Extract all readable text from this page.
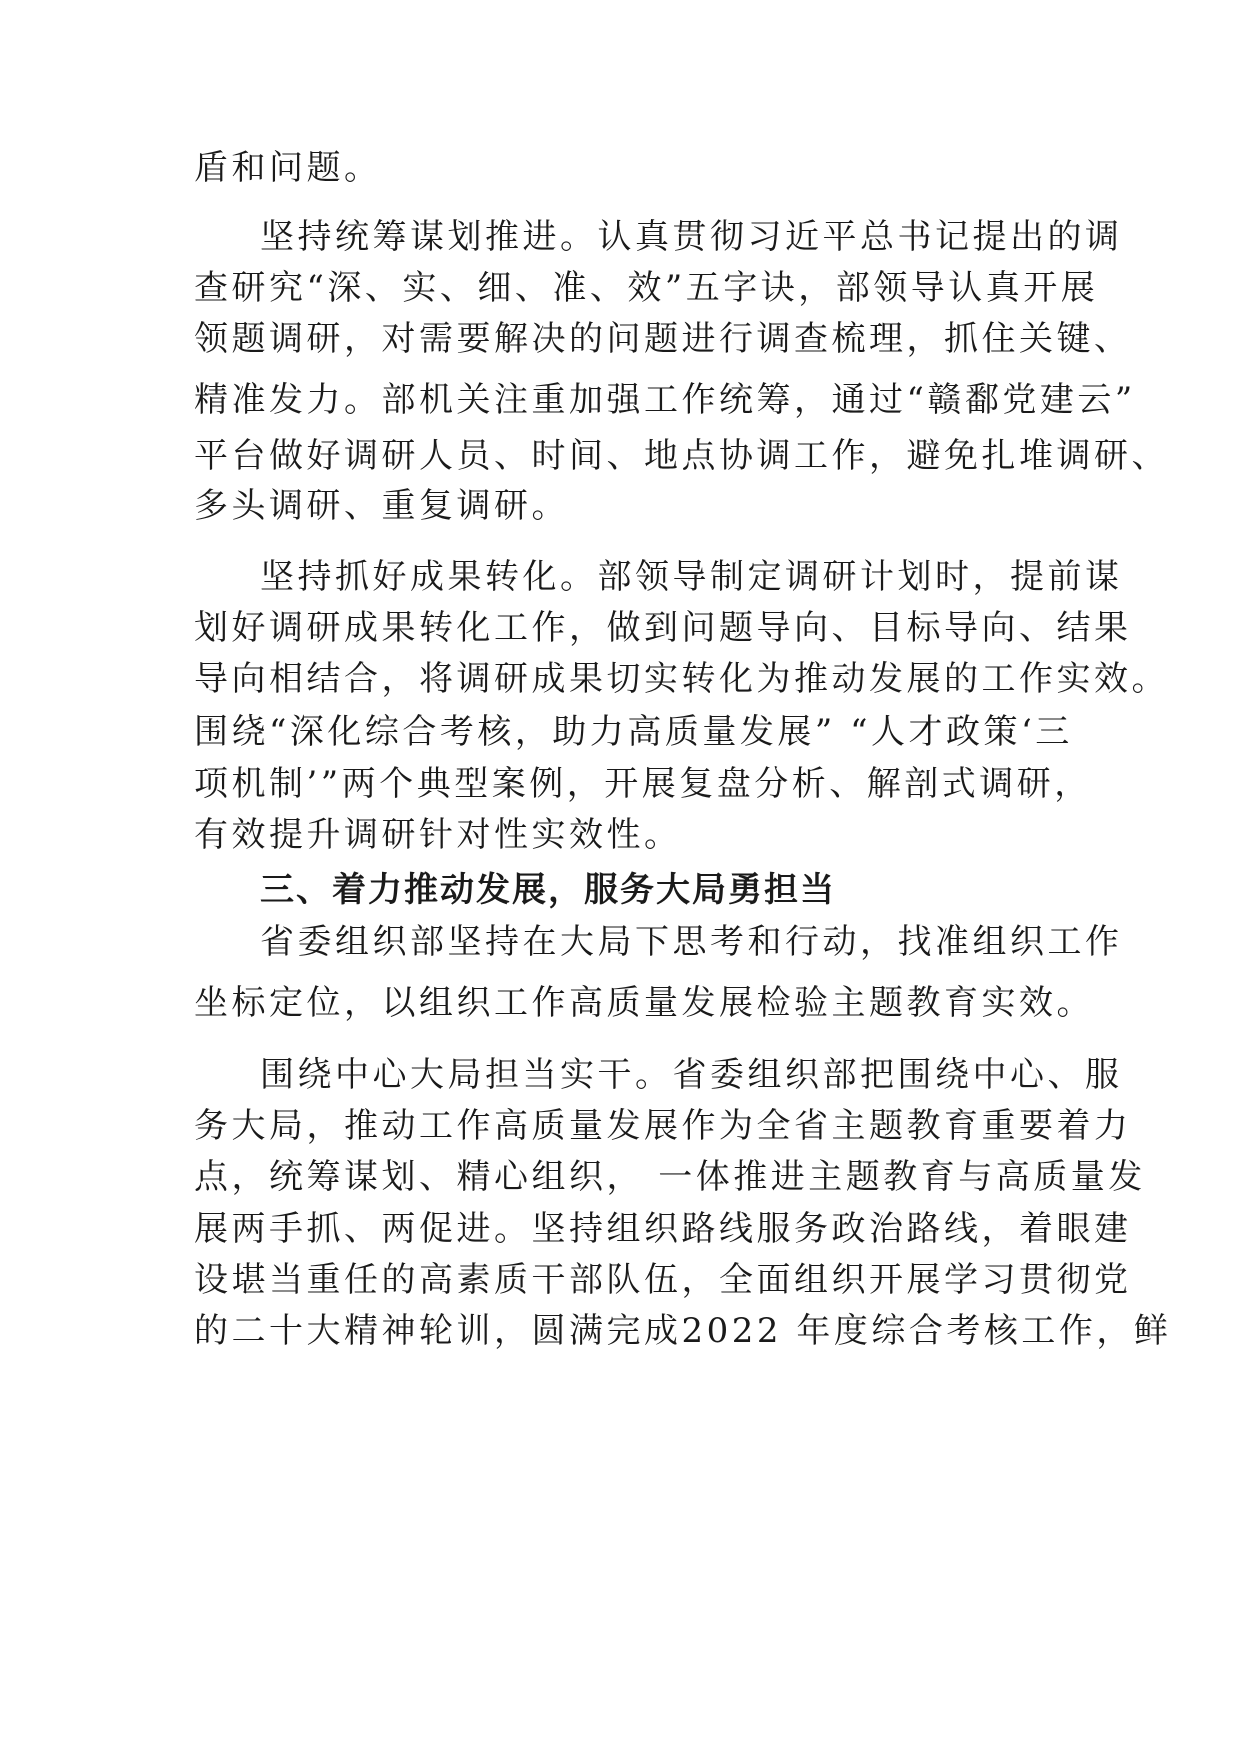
盾和问题。
坚持统筹谋划推进。认真贯彻习近平总书记提出的调
查研究“深、实、细、准、效”五字诀，部领导认真开展
领题调研，对需要解决的问题进行调查梳理，抓住关键、
精准发力。部机关注重加强工作统筹，通过“赣鄱党建云”
平台做好调研人员、时间、地点协调工作，避免扎堆调研、
多头调研、重复调研。
坚持抓好成果转化。部领导制定调研计划时，提前谋
划好调研成果转化工作，做到问题导向、目标导向、结果
导向相结合，将调研成果切实转化为推动发展的工作实效。
围绕“深化综合考核，助力高质量发展” “人才政策‘三
项机制’”两个典型案例，开展复盘分析、解剖式调研，
有效提升调研针对性实效性。
三、着力推动发展，服务大局勇担当
省委组织部坚持在大局下思考和行动，找准组织工作
坐标定位，以组织工作高质量发展检验主题教育实效。
围绕中心大局担当实干。省委组织部把围绕中心、服
务大局，推动工作高质量发展作为全省主题教育重要着力
点，统筹谋划、精心组织， 一体推进主题教育与高质量发
展两手抓、两促进。坚持组织路线服务政治路线，着眼建
设堪当重任的高素质干部队伍，全面组织开展学习贯彻党
的二十大精神轮训，圆满完成2022 年度综合考核工作，鲜
